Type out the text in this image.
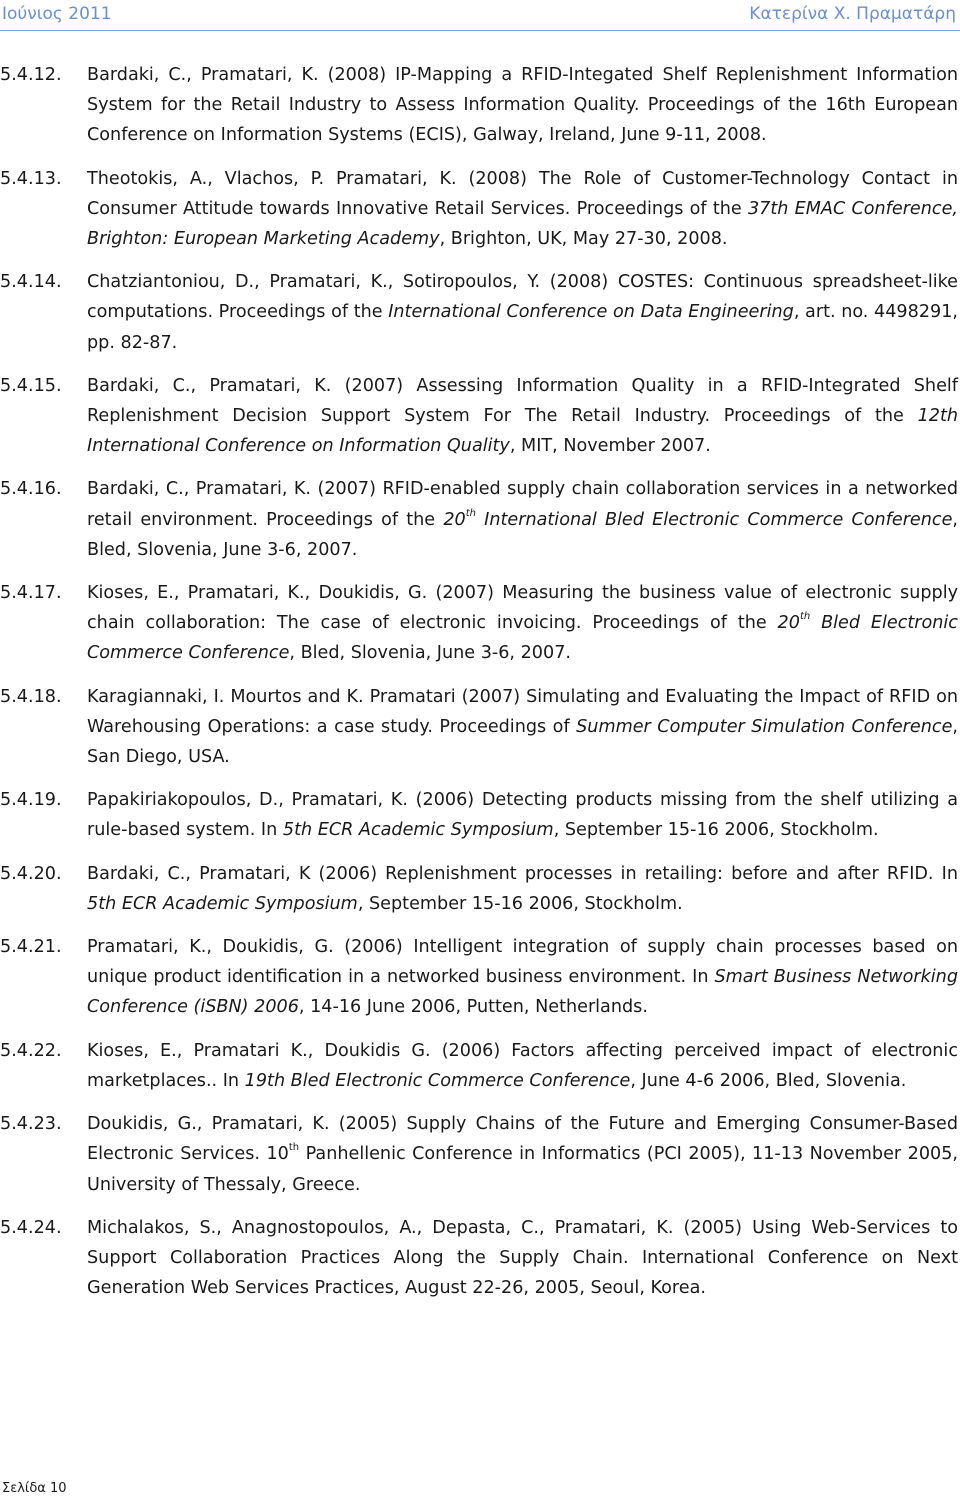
Ιούνιος 2011	Κατερίνα Χ. Πραματάρη
5.4.12.	Bardaki, C., Pramatari, K. (2008) IP-Mapping a RFID-Integated Shelf Replenishment Information System for the Retail Industry to Assess Information Quality. Proceedings of the 16th European Conference on Information Systems (ECIS), Galway, Ireland, June 9-11, 2008.
5.4.13.	Theotokis, A., Vlachos, P. Pramatari, K. (2008) The Role of Customer-Technology Contact in Consumer Attitude towards Innovative Retail Services. Proceedings of the 37th EMAC Conference, Brighton: European Marketing Academy, Brighton, UK, May 27-30, 2008.
5.4.14.	Chatziantoniou, D., Pramatari, K., Sotiropoulos, Y. (2008) COSTES: Continuous spreadsheet-like computations. Proceedings of the International Conference on Data Engineering, art. no. 4498291, pp. 82-87.
5.4.15.	Bardaki, C., Pramatari, K. (2007) Assessing Information Quality in a RFID-Integrated Shelf Replenishment Decision Support System For The Retail Industry. Proceedings of the 12th International Conference on Information Quality, MIT, November 2007.
5.4.16.	Bardaki, C., Pramatari, K. (2007) RFID-enabled supply chain collaboration services in a networked retail environment. Proceedings of the 20th International Bled Electronic Commerce Conference, Bled, Slovenia, June 3-6, 2007.
5.4.17.	Kioses, E., Pramatari, K., Doukidis, G. (2007) Measuring the business value of electronic supply chain collaboration: The case of electronic invoicing. Proceedings of the 20th Bled Electronic Commerce Conference, Bled, Slovenia, June 3-6, 2007.
5.4.18.	Karagiannaki, I. Mourtos and K. Pramatari (2007) Simulating and Evaluating the Impact of RFID on Warehousing Operations: a case study. Proceedings of Summer Computer Simulation Conference, San Diego, USA.
5.4.19.	Papakiriakopoulos, D., Pramatari, K. (2006) Detecting products missing from the shelf utilizing a rule-based system. In 5th ECR Academic Symposium, September 15-16 2006, Stockholm.
5.4.20.	Bardaki, C., Pramatari, K (2006) Replenishment processes in retailing: before and after RFID. In 5th ECR Academic Symposium, September 15-16 2006, Stockholm.
5.4.21.	Pramatari, K., Doukidis, G. (2006) Intelligent integration of supply chain processes based on unique product identification in a networked business environment. In Smart Business Networking Conference (iSBN) 2006, 14-16 June 2006, Putten, Netherlands.
5.4.22.	Kioses, E., Pramatari K., Doukidis G. (2006) Factors affecting perceived impact of electronic marketplaces.. In 19th Bled Electronic Commerce Conference, June 4-6 2006, Bled, Slovenia.
5.4.23.	Doukidis, G., Pramatari, K. (2005) Supply Chains of the Future and Emerging Consumer-Based Electronic Services. 10th Panhellenic Conference in Informatics (PCI 2005), 11-13 November 2005, University of Thessaly, Greece.
5.4.24.	Michalakos, S., Anagnostopoulos, A., Depasta, C., Pramatari, K. (2005) Using Web-Services to Support Collaboration Practices Along the Supply Chain. International Conference on Next Generation Web Services Practices, August 22-26, 2005, Seoul, Korea.
Σελίδα 10
